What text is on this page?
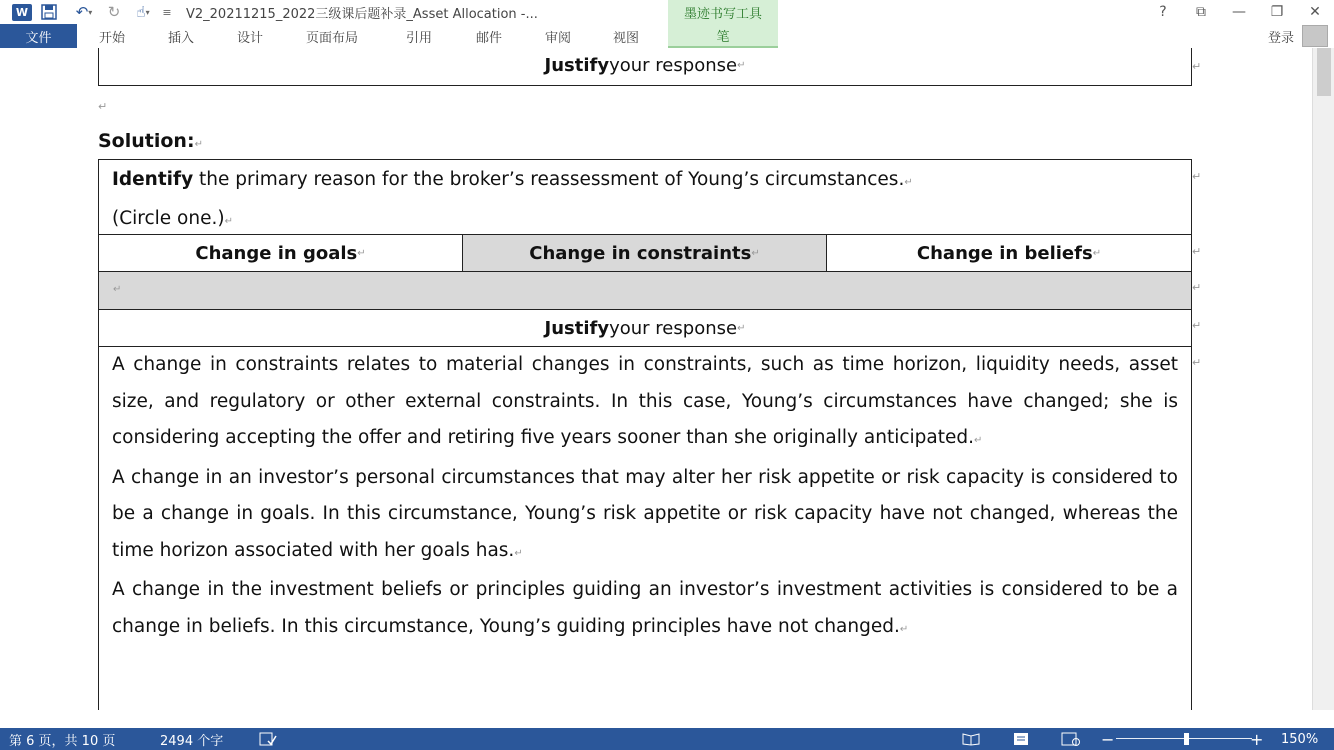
W	↶ ▾	↻	☝ ▾ ≡ V2_20211215_2022三级课后题补录_Asset Allocation -...	墨迹书写工具	?	⧉	—	❐	✕
文件	开始	插入	设计	页面布局	引用	邮件	审阅	视图	笔	登录
Justify your response ↵	↵
↵
Solution:↵
Identify the primary reason for the broker’s reassessment of Young’s circumstances.↵
(Circle one.)↵
Change in goals ↵	Change in constraints ↵	Change in beliefs ↵
↵
Justify your response ↵

A change in constraints relates to material changes in constraints, such as time horizon, liquidity needs, asset size, and regulatory or other external constraints. In this case, Young’s circumstances have changed; she is considering accepting the offer and retiring five years sooner than she originally anticipated.↵

A change in an investor’s personal circumstances that may alter her risk appetite or risk capacity is considered to be a change in goals. In this circumstance, Young’s risk appetite or risk capacity have not changed, whereas the time horizon associated with her goals has.↵

A change in the investment beliefs or principles guiding an investor’s investment activities is considered to be a change in beliefs. In this circumstance, Young’s guiding principles have not changed.↵

↵
↵
↵
↵
↵
第 6 页，共 10 页	2494 个字	−	+ 150%
